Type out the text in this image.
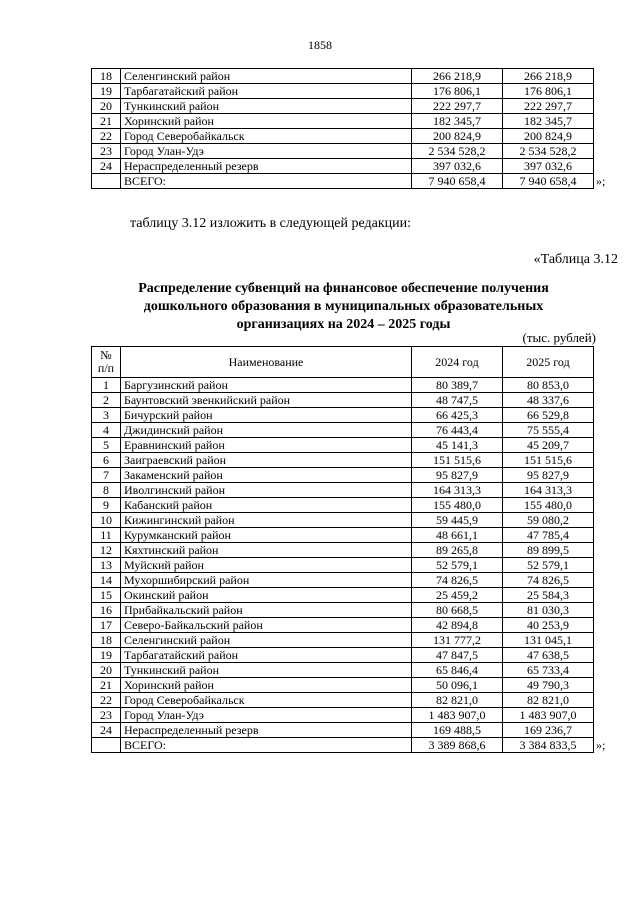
1858
18	Селенгинский район	266 218,9	266 218,9	
19	Тарбагатайский район	176 806,1	176 806,1	
20	Тункинский район	222 297,7	222 297,7	
21	Хоринский район	182 345,7	182 345,7	
22	Город Северобайкальск	200 824,9	200 824,9	
23	Город Улан-Удэ	2 534 528,2	2 534 528,2	
24	Нераспределенный резерв	397 032,6	397 032,6	
	ВСЕГО:	7 940 658,4	7 940 658,4	»;
таблицу 3.12 изложить в следующей редакции:
«Таблица 3.12
Распределение субвенций на финансовое обеспечение получения
дошкольного образования в муниципальных образовательных
организациях на 2024 – 2025 годы
(тыс. рублей)
№
п/п	Наименование	2024 год	2025 год	
1	Баргузинский район	80 389,7	80 853,0	
2	Баунтовский эвенкийский район	48 747,5	48 337,6	
3	Бичурский район	66 425,3	66 529,8	
4	Джидинский район	76 443,4	75 555,4	
5	Еравнинский район	45 141,3	45 209,7	
6	Заиграевский район	151 515,6	151 515,6	
7	Закаменский район	95 827,9	95 827,9	
8	Иволгинский район	164 313,3	164 313,3	
9	Кабанский район	155 480,0	155 480,0	
10	Кижингинский район	59 445,9	59 080,2	
11	Курумканский район	48 661,1	47 785,4	
12	Кяхтинский район	89 265,8	89 899,5	
13	Муйский район	52 579,1	52 579,1	
14	Мухоршибирский район	74 826,5	74 826,5	
15	Окинский район	25 459,2	25 584,3	
16	Прибайкальский район	80 668,5	81 030,3	
17	Северо-Байкальский район	42 894,8	40 253,9	
18	Селенгинский район	131 777,2	131 045,1	
19	Тарбагатайский район	47 847,5	47 638,5	
20	Тункинский район	65 846,4	65 733,4	
21	Хоринский район	50 096,1	49 790,3	
22	Город Северобайкальск	82 821,0	82 821,0	
23	Город Улан-Удэ	1 483 907,0	1 483 907,0	
24	Нераспределенный резерв	169 488,5	169 236,7	
	ВСЕГО:	3 389 868,6	3 384 833,5	»;
